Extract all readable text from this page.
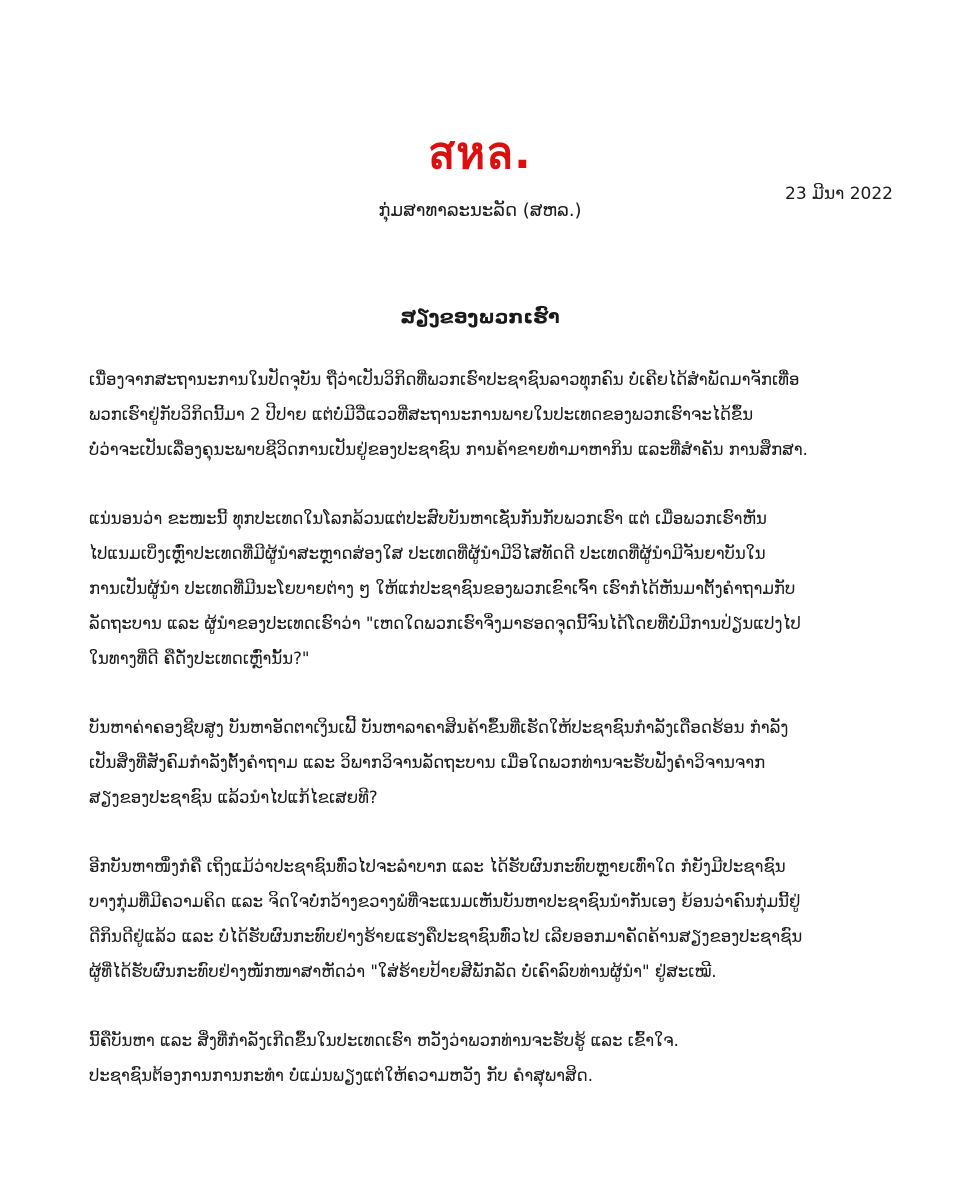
สหล.
ກຸ່ມສາທາລະນະລັດ (ສຫລ.)
23 ມີນາ 2022
ສຽງຂອງພວກເຮົາ
ເນື່ອງຈາກສະຖານະການໃນປັດຈຸບັນ ຖືວ່າເປັນວິກິດທີ່ພວກເຮົາປະຊາຊົນລາວທຸກຄົນ ບໍ່ເຄີຍໄດ້ສຳພັດມາຈັກເທື່ອ
ພວກເຮົາຢູ່ກັບວິກິດນີ້ມາ 2 ປີປາຍ ແຕ່ບໍ່ມີວີ່ແວວທີ່ສະຖານະການພາຍໃນປະເທດຂອງພວກເຮົາຈະໄດ້ຂຶ້ນ
ບໍ່ວ່າຈະເປັນເລື່ອງຄຸນະພາບຊີວິດການເປັນຢູ່ຂອງປະຊາຊົນ ການຄ້າຂາຍທຳມາຫາກິນ ແລະທີ່ສຳຄັນ ການສຶກສາ.
ແນ່ນອນວ່າ ຂະໜະນີ້ ທຸກປະເທດໃນໂລກລ້ວນແຕ່ປະສົບບັນຫາເຊັ່ນກັນກັບພວກເຮົາ ແຕ່ ເມື່ອພວກເຮົາຫັນ
ໄປແນມເບິ່ງເຫຼົ່າປະເທດທີ່ມີຜູ້ນຳສະຫຼາດສ່ອງໃສ ປະເທດທີ່ຜູ້ນຳມີວິໄສທັດດີ ປະເທດທີ່ຜູ້ນຳມີຈັນຍາບັນໃນ
ການເປັນຜູ້ນຳ ປະເທດທີ່ມີນະໂຍບາຍຕ່າງ ໆ ໃຫ້ແກ່ປະຊາຊົນຂອງພວກເຂົາເຈົ້າ ເຮົາກໍໄດ້ຫັນມາຕັ້ງຄຳຖາມກັບ
ລັດຖະບານ ແລະ ຜູ້ນຳຂອງປະເທດເຮົາວ່າ "ເຫດໃດພວກເຮົາຈິ່ງມາຮອດຈຸດນີ້ຈົນໄດ້ໂດຍທີ່ບໍ່ມີການປ່ຽນແປງໄປ
ໃນທາງທີ່ດີ ຄືດັ່ງປະເທດເຫຼົ່ານັ້ນ?"
ບັນຫາຄ່າຄອງຊີບສູງ ບັນຫາອັດຕາເງິນເຟີ້ ບັນຫາລາຄາສິນຄ້າຂຶ້ນທີ່ເຮັດໃຫ້ປະຊາຊົນກຳລັງເດືອດຮ້ອນ ກຳລັງ
ເປັນສິ່ງທີ່ສັງຄົມກຳລັງຕັ້ງຄຳຖາມ ແລະ ວິພາກວິຈານລັດຖະບານ ເມື່ອໃດພວກທ່ານຈະຮັບຟັງຄຳວິຈານຈາກ
ສຽງຂອງປະຊາຊົນ ແລ້ວນຳໄປແກ້ໄຂເສຍທີ?
ອີກບັນຫາໜຶ່ງກໍຄື ເຖິງແມ້ວ່າປະຊາຊົນທົ່ວໄປຈະລຳບາກ ແລະ ໄດ້ຮັບຜົນກະທົບຫຼາຍເທົ່າໃດ ກໍຍັງມີປະຊາຊົນ
ບາງກຸ່ມທີ່ມີຄວາມຄິດ ແລະ ຈິດໃຈບໍ່ກວ້າງຂວາງພໍທີ່ຈະແນມເຫັນບັນຫາປະຊາຊົນນຳກັນເອງ ຍ້ອນວ່າຄົນກຸ່ມນີ້ຢູ່
ດີກິນດີຢູ່ແລ້ວ ແລະ ບໍ່ໄດ້ຮັບຜົນກະທົບຢ່າງຮ້າຍແຮງຄືປະຊາຊົນທົ່ວໄປ ເລີຍອອກມາຄັດຄ້ານສຽງຂອງປະຊາຊົນ
ຜູ້ທີ່ໄດ້ຮັບຜົນກະທົບຢ່າງໜັກໜາສາຫັດວ່າ "ໃສ່ຮ້າຍປ້າຍສີພັກລັດ ບໍ່ເຄົາລົບທ່ານຜູ້ນຳ" ຢູ່ສະເໝີ.
ນີ້ຄືບັນຫາ ແລະ ສິ່ງທີ່ກຳລັງເກີດຂຶ້ນໃນປະເທດເຮົາ ຫວັງວ່າພວກທ່ານຈະຮັບຮູ້ ແລະ ເຂົ້າໃຈ.
ປະຊາຊົນຕ້ອງການການກະທຳ ບໍ່ແມ່ນພຽງແຕ່ໃຫ້ຄວາມຫວັງ ກັບ ຄຳສຸພາສິດ.
